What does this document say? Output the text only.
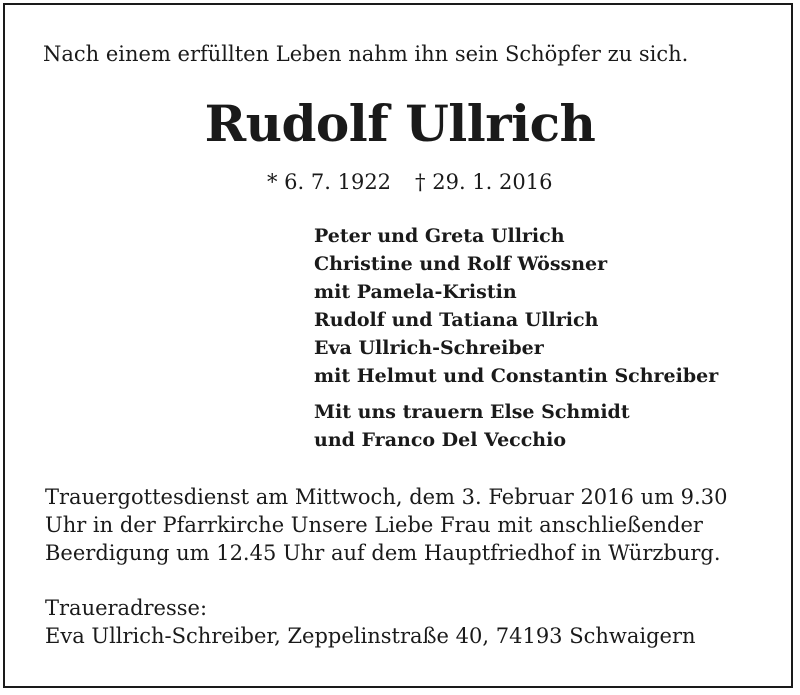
Nach einem erfüllten Leben nahm ihn sein Schöpfer zu sich.
Rudolf Ullrich
* 6. 7. 1922 † 29. 1. 2016
Peter und Greta Ullrich
Christine und Rolf Wössner
mit Pamela-Kristin
Rudolf und Tatiana Ullrich
Eva Ullrich-Schreiber
mit Helmut und Constantin Schreiber
Mit uns trauern Else Schmidt
und Franco Del Vecchio
Trauergottesdienst am Mittwoch, dem 3. Februar 2016 um 9.30
Uhr in der Pfarrkirche Unsere Liebe Frau mit anschließender
Beerdigung um 12.45 Uhr auf dem Hauptfriedhof in Würzburg.
Traueradresse:
Eva Ullrich-Schreiber, Zeppelinstraße 40, 74193 Schwaigern
